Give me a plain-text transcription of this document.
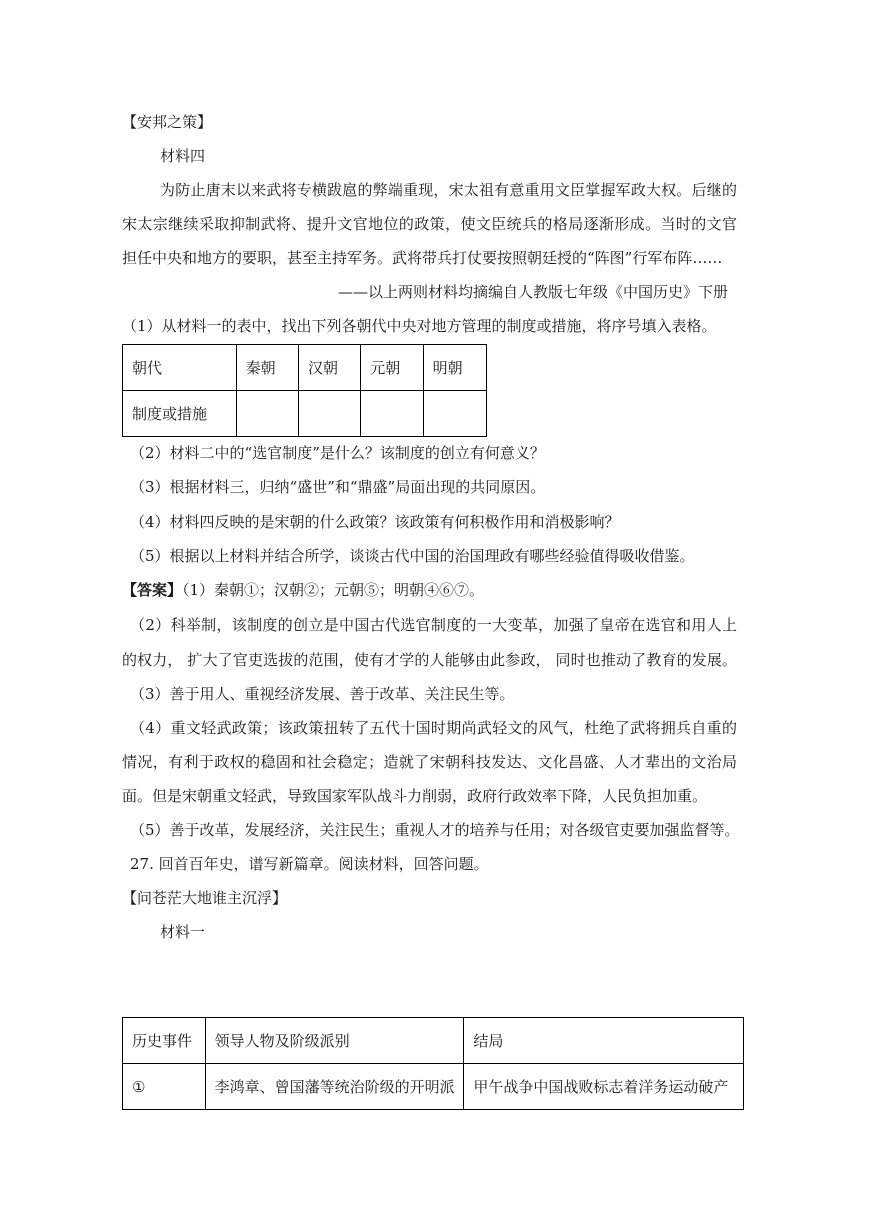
【安邦之策】
材料四
为防止唐末以来武将专横跋扈的弊端重现，宋太祖有意重用文臣掌握军政大权。后继的
宋太宗继续采取抑制武将、提升文官地位的政策，使文臣统兵的格局逐渐形成。当时的文官
担任中央和地方的要职，甚至主持军务。武将带兵打仗要按照朝廷授的“阵图”行军布阵……
——以上两则材料均摘编自人教版七年级《中国历史》下册
（1）从材料一的表中，找出下列各朝代中央对地方管理的制度或措施，将序号填入表格。
朝代	秦朝	汉朝	元朝	明朝
制度或措施				
（2）材料二中的“选官制度”是什么？该制度的创立有何意义？
（3）根据材料三，归纳“盛世”和“鼎盛”局面出现的共同原因。
（4）材料四反映的是宋朝的什么政策？该政策有何积极作用和消极影响？
（5）根据以上材料并结合所学，谈谈古代中国的治国理政有哪些经验值得吸收借鉴。
【答案】（1）秦朝①；汉朝②；元朝⑤；明朝④⑥⑦。
（2）科举制，该制度的创立是中国古代选官制度的一大变革，加强了皇帝在选官和用人上
的权力， 扩大了官吏选拔的范围，使有才学的人能够由此参政， 同时也推动了教育的发展。
（3）善于用人、重视经济发展、善于改革、关注民生等。
（4）重文轻武政策；该政策扭转了五代十国时期尚武轻文的风气，杜绝了武将拥兵自重的
情况，有利于政权的稳固和社会稳定；造就了宋朝科技发达、文化昌盛、人才辈出的文治局
面。但是宋朝重文轻武，导致国家军队战斗力削弱，政府行政效率下降，人民负担加重。
（5）善于改革，发展经济，关注民生；重视人才的培养与任用；对各级官吏要加强监督等。
27. 回首百年史，谱写新篇章。阅读材料，回答问题。
【问苍茫大地谁主沉浮】
材料一
历史事件	领导人物及阶级派别	结局
①	李鸿章、曾国藩等统治阶级的开明派	甲午战争中国战败标志着洋务运动破产
